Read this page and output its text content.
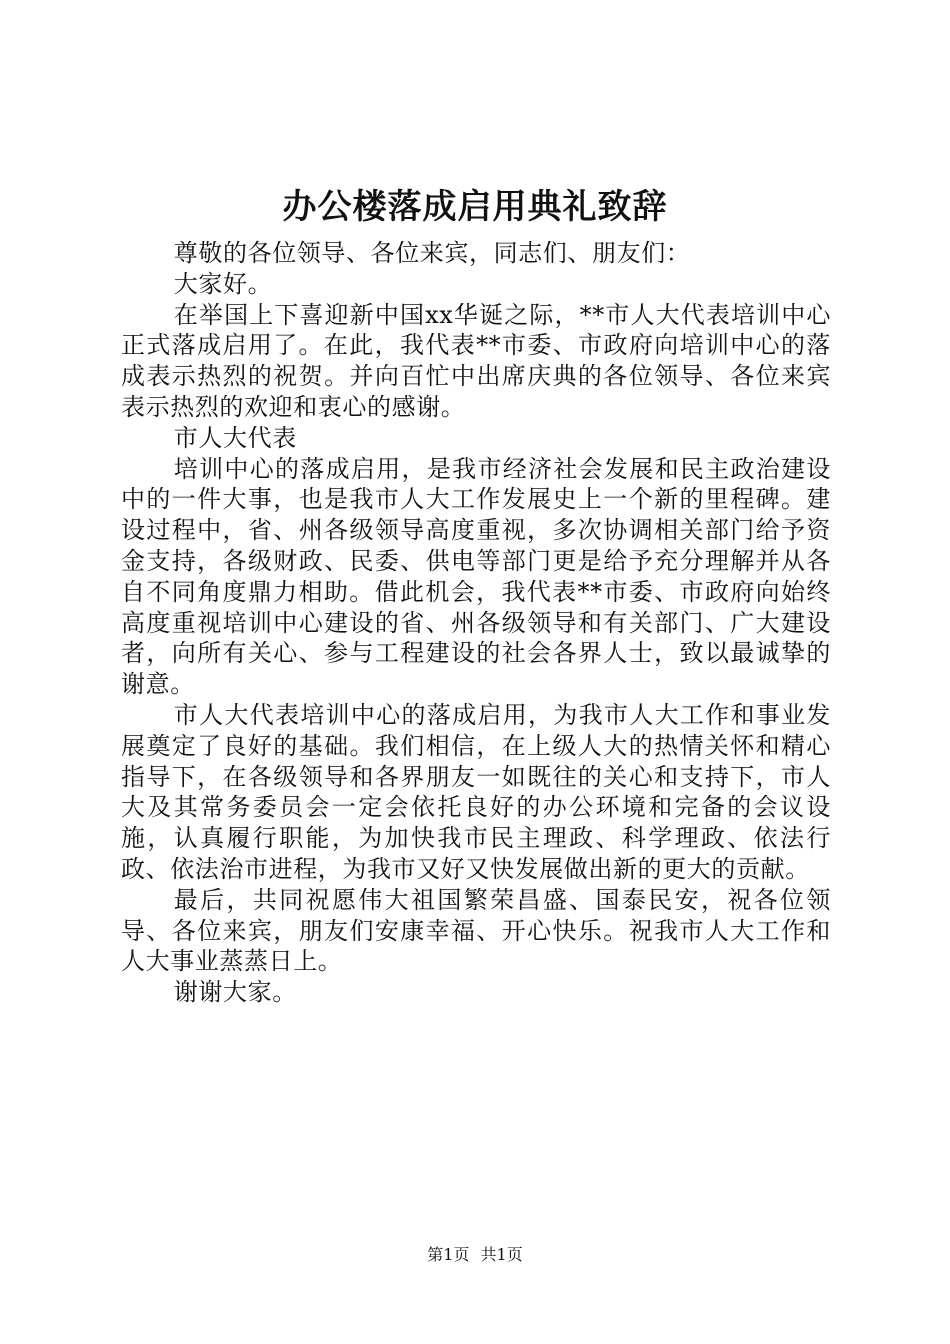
办公楼落成启用典礼致辞

尊敬的各位领导、各位来宾，同志们、朋友们：

大家好。

在举国上下喜迎新中国xx华诞之际，**市人大代表培训中心正式落成启用了。在此，我代表**市委、市政府向培训中心的落成表示热烈的祝贺。并向百忙中出席庆典的各位领导、各位来宾表示热烈的欢迎和衷心的感谢。

市人大代表

培训中心的落成启用，是我市经济社会发展和民主政治建设中的一件大事，也是我市人大工作发展史上一个新的里程碑。建设过程中，省、州各级领导高度重视，多次协调相关部门给予资金支持，各级财政、民委、供电等部门更是给予充分理解并从各自不同角度鼎力相助。借此机会，我代表**市委、市政府向始终高度重视培训中心建设的省、州各级领导和有关部门、广大建设者，向所有关心、参与工程建设的社会各界人士，致以最诚挚的谢意。

市人大代表培训中心的落成启用，为我市人大工作和事业发展奠定了良好的基础。我们相信，在上级人大的热情关怀和精心指导下，在各级领导和各界朋友一如既往的关心和支持下，市人大及其常务委员会一定会依托良好的办公环境和完备的会议设施，认真履行职能，为加快我市民主理政、科学理政、依法行政、依法治市进程，为我市又好又快发展做出新的更大的贡献。

最后，共同祝愿伟大祖国繁荣昌盛、国泰民安，祝各位领导、各位来宾，朋友们安康幸福、开心快乐。祝我市人大工作和人大事业蒸蒸日上。

谢谢大家。

第1页 共1页
